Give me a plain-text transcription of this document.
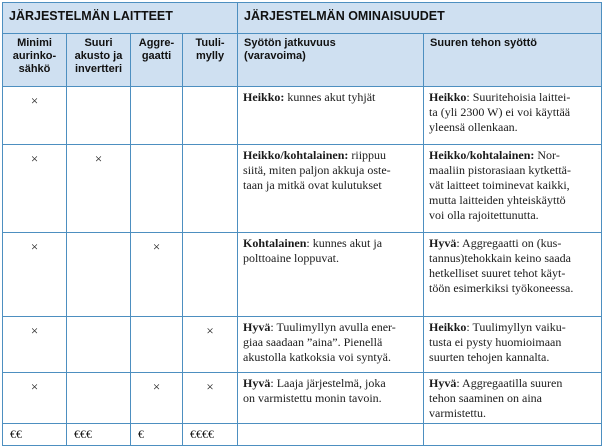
JÄRJESTELMÄN LAITTEET				JÄRJESTELMÄN OMINAISUUDET	

Minimi
aurinko-
sähkö	Suuri
akusto ja
invertteri	Aggre-
gaatti	Tuuli-
mylly	Syötön jatkuvuus
(varavoima)	Suuren tehon syöttö

×				Heikko: kunnes akut tyhjät	Heikko: Suuritehoisia laittei-
ta (yli 2300 W) ei voi käyttää
yleensä ollenkaan.

×	×			Heikko/kohtalainen: riippuu
siitä, miten paljon akkuja oste-
taan ja mitkä ovat kulutukset	Heikko/kohtalainen: Nor-
maaliin pistorasiaan kytkettä-
vät laitteet toiminevat kaikki,
mutta laitteiden yhteiskäyttö
voi olla rajoitettunutta.

×		×		Kohtalainen: kunnes akut ja
polttoaine loppuvat.	Hyvä: Aggregaatti on (kus-
tannus)tehokkain keino saada
hetkelliset suuret tehot käyt-
töön esimerkiksi työkoneessa.

×			×	Hyvä: Tuulimyllyn avulla ener-
giaa saadaan ”aina”. Pienellä
akustolla katkoksia voi syntyä.	Heikko: Tuulimyllyn vaiku-
tusta ei pysty huomioimaan
suurten tehojen kannalta.

×		×	×	Hyvä: Laaja järjestelmä, joka
on varmistettu monin tavoin.	Hyvä: Aggregaatilla suuren
tehon saaminen on aina
varmistettu.

€€	€€€	€	€€€€		
